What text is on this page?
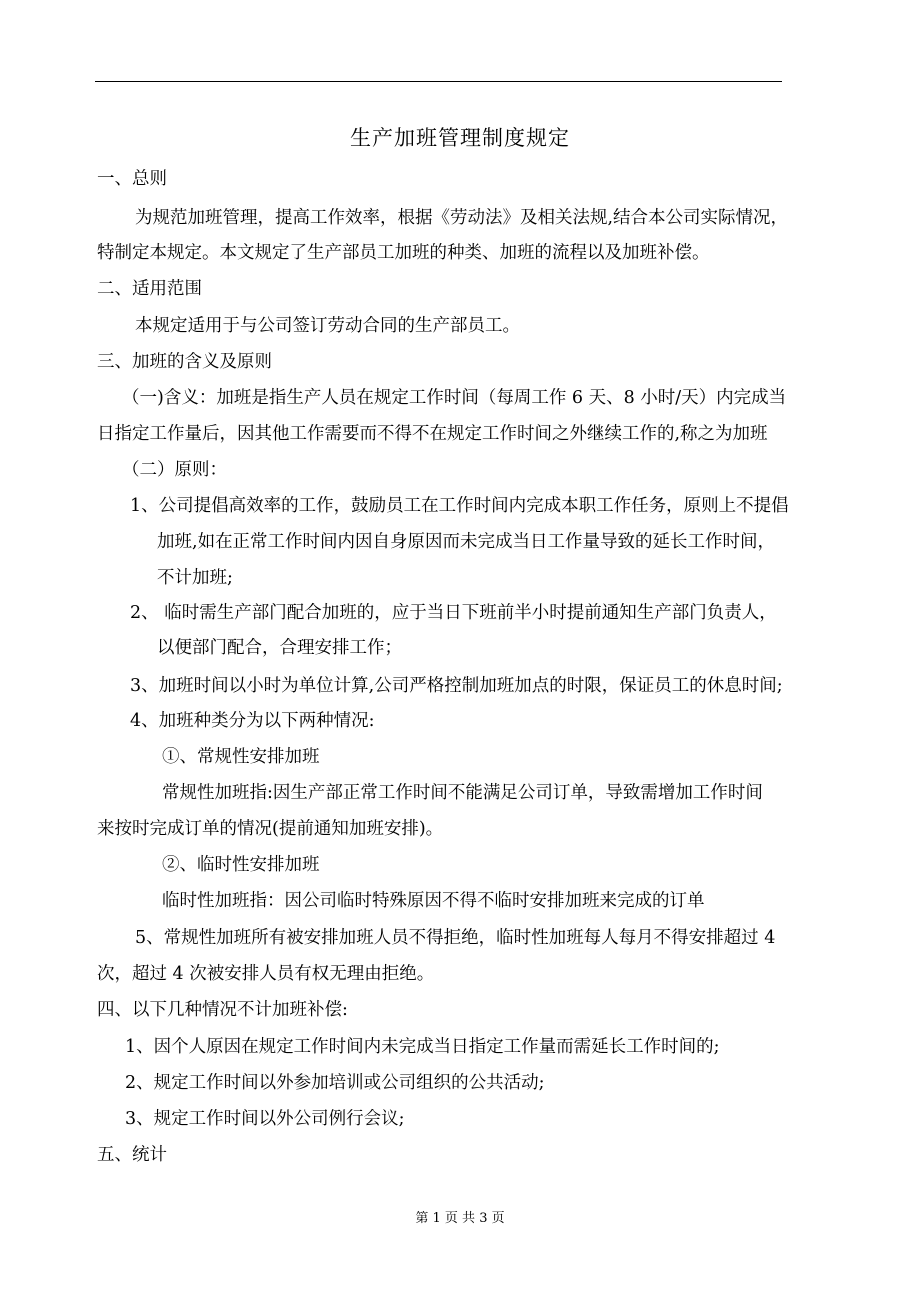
生产加班管理制度规定
一、总则
为规范加班管理，提高工作效率，根据《劳动法》及相关法规,结合本公司实际情况，
特制定本规定。本文规定了生产部员工加班的种类、加班的流程以及加班补偿。
二、适用范围
本规定适用于与公司签订劳动合同的生产部员工。
三、加班的含义及原则
（一)含义：加班是指生产人员在规定工作时间（每周工作 6 天、8 小时/天）内完成当
日指定工作量后，因其他工作需要而不得不在规定工作时间之外继续工作的,称之为加班
（二）原则：
1、公司提倡高效率的工作，鼓励员工在工作时间内完成本职工作任务，原则上不提倡
加班,如在正常工作时间内因自身原因而未完成当日工作量导致的延长工作时间，
不计加班;
2、 临时需生产部门配合加班的，应于当日下班前半小时提前通知生产部门负责人，
以便部门配合，合理安排工作；
3、加班时间以小时为单位计算,公司严格控制加班加点的时限，保证员工的休息时间;
4、加班种类分为以下两种情况:
①、常规性安排加班
常规性加班指:因生产部正常工作时间不能满足公司订单，导致需增加工作时间
来按时完成订单的情况(提前通知加班安排)。
②、临时性安排加班
临时性加班指：因公司临时特殊原因不得不临时安排加班来完成的订单
5、常规性加班所有被安排加班人员不得拒绝，临时性加班每人每月不得安排超过 4
次，超过 4 次被安排人员有权无理由拒绝。
四、以下几种情况不计加班补偿:
1、因个人原因在规定工作时间内未完成当日指定工作量而需延长工作时间的;
2、规定工作时间以外参加培训或公司组织的公共活动;
3、规定工作时间以外公司例行会议;
五、统计
第 1 页 共 3 页
